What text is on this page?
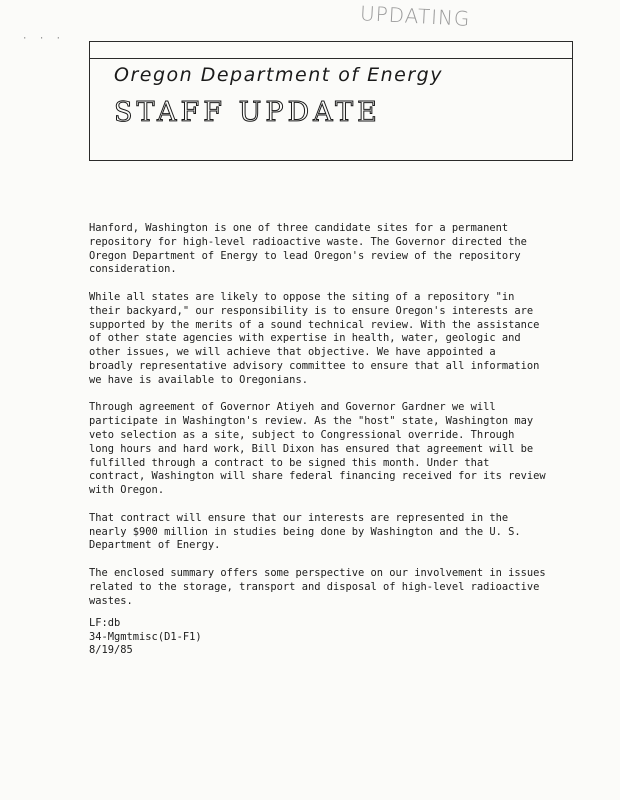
UPDATING
· · ·
Oregon Department of Energy
STAFF UPDATE

Hanford, Washington is one of three candidate sites for a permanent
repository for high-level radioactive waste. The Governor directed the
Oregon Department of Energy to lead Oregon's review of the repository
consideration.

While all states are likely to oppose the siting of a repository "in
their backyard," our responsibility is to ensure Oregon's interests are
supported by the merits of a sound technical review. With the assistance
of other state agencies with expertise in health, water, geologic and
other issues, we will achieve that objective. We have appointed a
broadly representative advisory committee to ensure that all information
we have is available to Oregonians.

Through agreement of Governor Atiyeh and Governor Gardner we will
participate in Washington's review. As the "host" state, Washington may
veto selection as a site, subject to Congressional override. Through
long hours and hard work, Bill Dixon has ensured that agreement will be
fulfilled through a contract to be signed this month. Under that
contract, Washington will share federal financing received for its review
with Oregon.

That contract will ensure that our interests are represented in the
nearly $900 million in studies being done by Washington and the U. S.
Department of Energy.

The enclosed summary offers some perspective on our involvement in issues
related to the storage, transport and disposal of high-level radioactive
wastes.

LF:db
34-Mgmtmisc(D1-F1)
8/19/85
